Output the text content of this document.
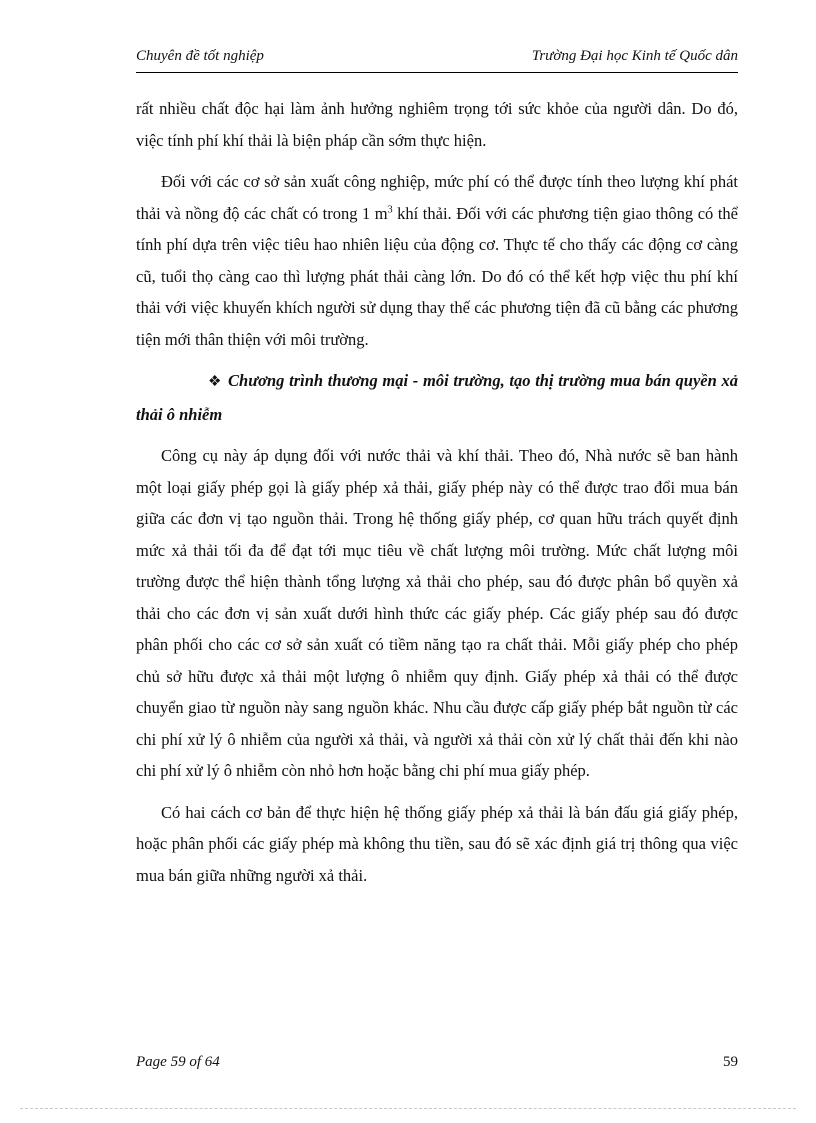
Chuyên đề tốt nghiệp	Trường Đại học Kinh tế Quốc dân

rất nhiều chất độc hại làm ảnh hưởng nghiêm trọng tới sức khỏe của người dân. Do đó, việc tính phí khí thải là biện pháp cần sớm thực hiện.

Đối với các cơ sở sản xuất công nghiệp, mức phí có thể được tính theo lượng khí phát thải và nồng độ các chất có trong 1 $m^3$ khí thải. Đối với các phương tiện giao thông có thể tính phí dựa trên việc tiêu hao nhiên liệu của động cơ. Thực tế cho thấy các động cơ càng cũ, tuổi thọ càng cao thì lượng phát thải càng lớn. Do đó có thể kết hợp việc thu phí khí thải với việc khuyến khích người sử dụng thay thế các phương tiện đã cũ bằng các phương tiện mới thân thiện với môi trường.

❖ Chương trình thương mại - môi trường, tạo thị trường mua bán quyền xả thải ô nhiễm

Công cụ này áp dụng đối với nước thải và khí thải. Theo đó, Nhà nước sẽ ban hành một loại giấy phép gọi là giấy phép xả thải, giấy phép này có thể được trao đổi mua bán giữa các đơn vị tạo nguồn thải. Trong hệ thống giấy phép, cơ quan hữu trách quyết định mức xả thải tối đa để đạt tới mục tiêu về chất lượng môi trường. Mức chất lượng môi trường được thể hiện thành tổng lượng xả thải cho phép, sau đó được phân bổ quyền xả thải cho các đơn vị sản xuất dưới hình thức các giấy phép. Các giấy phép sau đó được phân phối cho các cơ sở sản xuất có tiềm năng tạo ra chất thải. Mỗi giấy phép cho phép chủ sở hữu được xả thải một lượng ô nhiễm quy định. Giấy phép xả thải có thể được chuyển giao từ nguồn này sang nguồn khác. Nhu cầu được cấp giấy phép bắt nguồn từ các chi phí xử lý ô nhiễm của người xả thải, và người xả thải còn xử lý chất thải đến khi nào chi phí xử lý ô nhiễm còn nhỏ hơn hoặc bằng chi phí mua giấy phép.

Có hai cách cơ bản để thực hiện hệ thống giấy phép xả thải là bán đấu giá giấy phép, hoặc phân phối các giấy phép mà không thu tiền, sau đó sẽ xác định giá trị thông qua việc mua bán giữa những người xả thải.

Page 59 of 64	59
